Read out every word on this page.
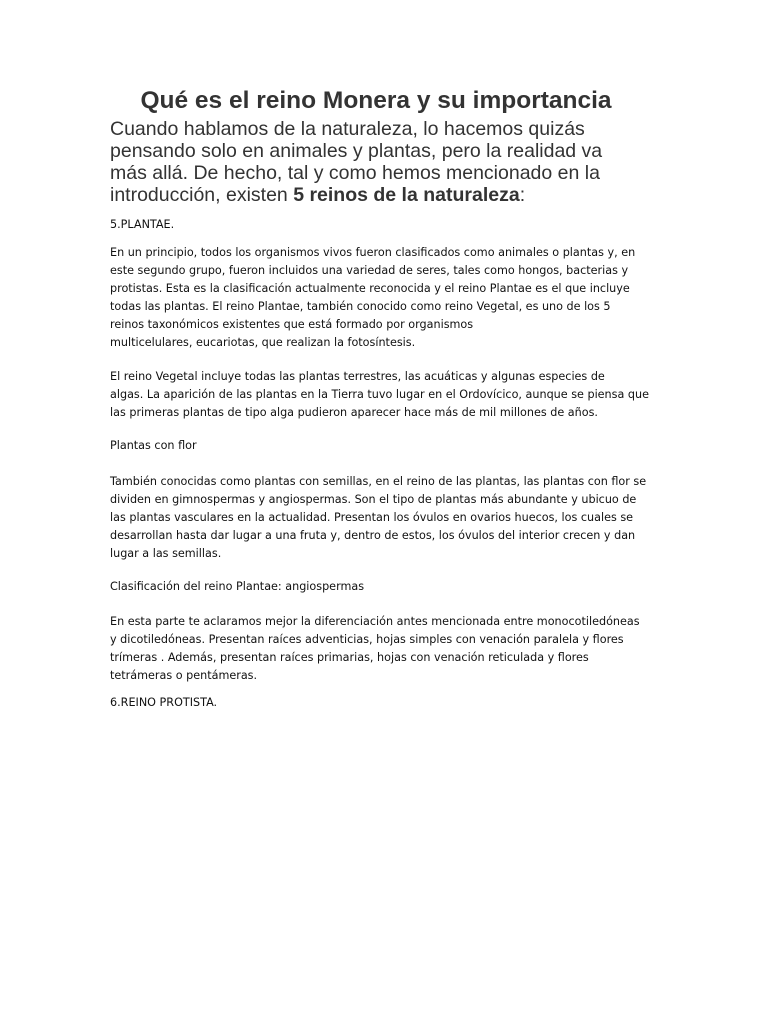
Qué es el reino Monera y su importancia

Cuando hablamos de la naturaleza, lo hacemos quizás
pensando solo en animales y plantas, pero la realidad va
más allá. De hecho, tal y como hemos mencionado en la
introducción, existen 5 reinos de la naturaleza:

5.PLANTAE.

En un principio, todos los organismos vivos fueron clasificados como animales o plantas y, en
este segundo grupo, fueron incluidos una variedad de seres, tales como hongos, bacterias y
protistas. Esta es la clasificación actualmente reconocida y el reino Plantae es el que incluye
todas las plantas. El reino Plantae, también conocido como reino Vegetal, es uno de los 5
reinos taxonómicos existentes que está formado por organismos
multicelulares, eucariotas, que realizan la fotosíntesis.

El reino Vegetal incluye todas las plantas terrestres, las acuáticas y algunas especies de
algas. La aparición de las plantas en la Tierra tuvo lugar en el Ordovícico, aunque se piensa que
las primeras plantas de tipo alga pudieron aparecer hace más de mil millones de años.

Plantas con flor

También conocidas como plantas con semillas, en el reino de las plantas, las plantas con flor se
dividen en gimnospermas y angiospermas. Son el tipo de plantas más abundante y ubicuo de
las plantas vasculares en la actualidad. Presentan los óvulos en ovarios huecos, los cuales se
desarrollan hasta dar lugar a una fruta y, dentro de estos, los óvulos del interior crecen y dan
lugar a las semillas.

Clasificación del reino Plantae: angiospermas

En esta parte te aclaramos mejor la diferenciación antes mencionada entre monocotiledóneas
y dicotiledóneas. Presentan raíces adventicias, hojas simples con venación paralela y flores
trímeras . Además, presentan raíces primarias, hojas con venación reticulada y flores
tetrámeras o pentámeras.

6.REINO PROTISTA.
